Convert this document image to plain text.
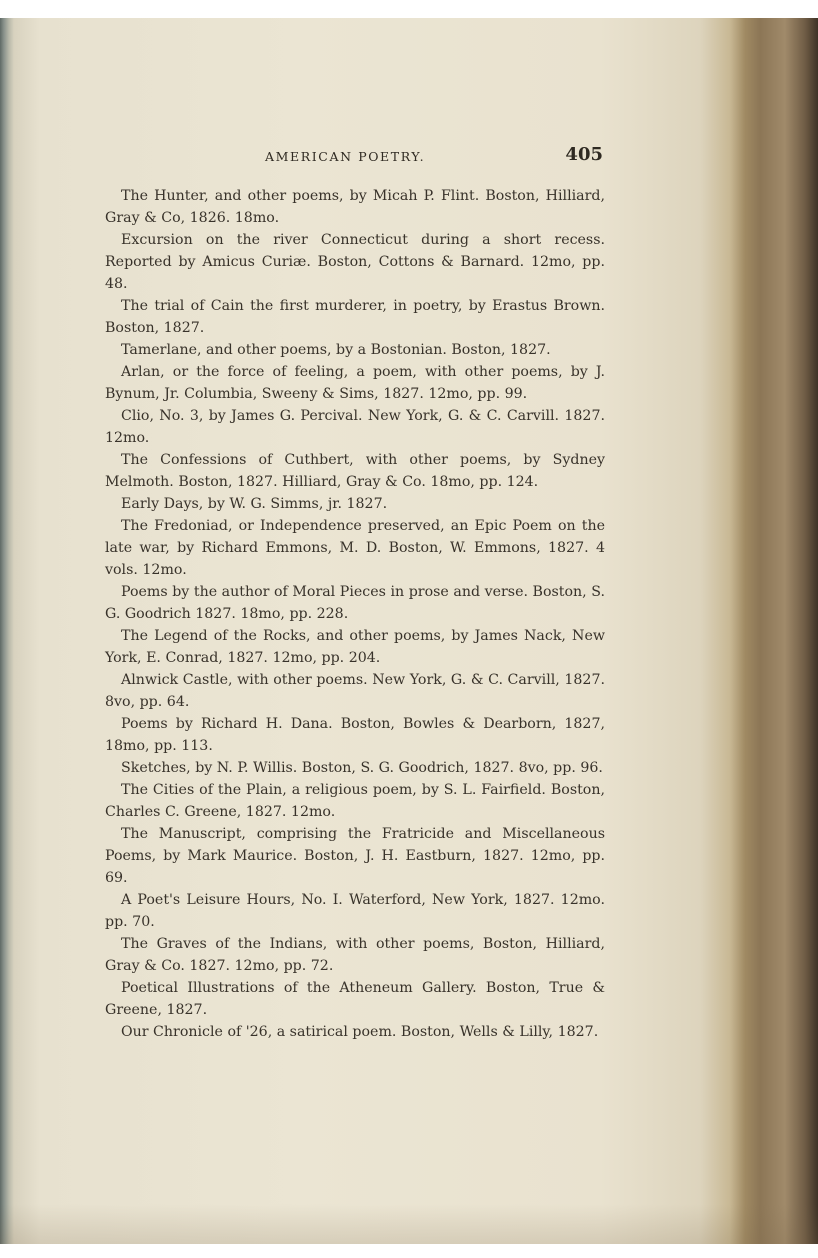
AMERICAN POETRY.	405

The Hunter, and other poems, by Micah P. Flint. Boston, Hilliard, Gray & Co, 1826. 18mo.

Excursion on the river Connecticut during a short recess. Reported by Amicus Curiæ. Boston, Cottons & Barnard. 12mo, pp. 48.

The trial of Cain the first murderer, in poetry, by Erastus Brown. Boston, 1827.

Tamerlane, and other poems, by a Bostonian. Boston, 1827.

Arlan, or the force of feeling, a poem, with other poems, by J. Bynum, Jr. Columbia, Sweeny & Sims, 1827. 12mo, pp. 99.

Clio, No. 3, by James G. Percival. New York, G. & C. Carvill. 1827. 12mo.

The Confessions of Cuthbert, with other poems, by Sydney Melmoth. Boston, 1827. Hilliard, Gray & Co. 18mo, pp. 124.

Early Days, by W. G. Simms, jr. 1827.

The Fredoniad, or Independence preserved, an Epic Poem on the late war, by Richard Emmons, M. D. Boston, W. Emmons, 1827. 4 vols. 12mo.

Poems by the author of Moral Pieces in prose and verse. Boston, S. G. Goodrich 1827. 18mo, pp. 228.

The Legend of the Rocks, and other poems, by James Nack, New York, E. Conrad, 1827. 12mo, pp. 204.

Alnwick Castle, with other poems. New York, G. & C. Carvill, 1827. 8vo, pp. 64.

Poems by Richard H. Dana. Boston, Bowles & Dearborn, 1827, 18mo, pp. 113.

Sketches, by N. P. Willis. Boston, S. G. Goodrich, 1827. 8vo, pp. 96.

The Cities of the Plain, a religious poem, by S. L. Fairfield. Boston, Charles C. Greene, 1827. 12mo.

The Manuscript, comprising the Fratricide and Miscellaneous Poems, by Mark Maurice. Boston, J. H. Eastburn, 1827. 12mo, pp. 69.

A Poet's Leisure Hours, No. I. Waterford, New York, 1827. 12mo. pp. 70.

The Graves of the Indians, with other poems, Boston, Hilliard, Gray & Co. 1827. 12mo, pp. 72.

Poetical Illustrations of the Atheneum Gallery. Boston, True & Greene, 1827.

Our Chronicle of '26, a satirical poem. Boston, Wells & Lilly, 1827.
